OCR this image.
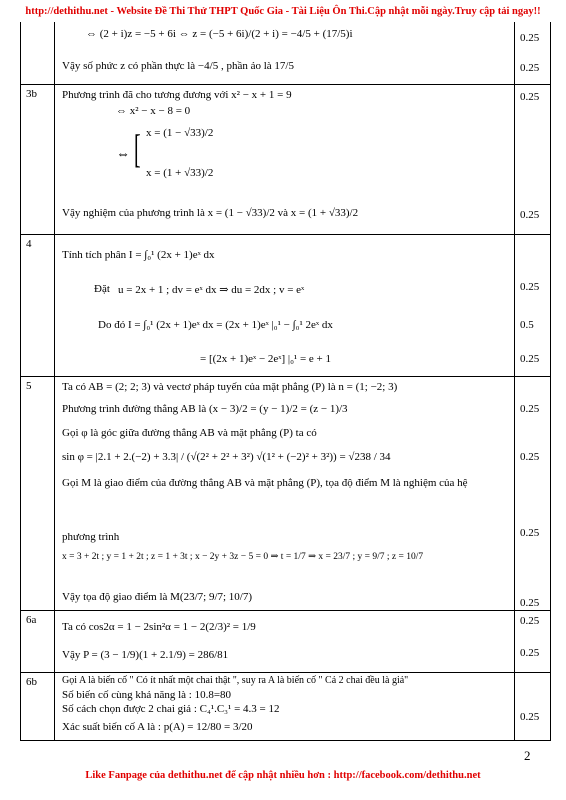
http://dethithu.net - Website Đề Thi Thử THPT Quốc Gia - Tài Liệu Ôn Thi.Cập nhật mỗi ngày.Truy cập tải ngay!!
⇔ (2 + i)z = −5 + 6i ⇔ z = (−5 + 6i)/(2 + i) = −4/5 + (17/5)i
Vậy số phức z có phần thực là −4/5 , phần ảo là 17/5
0.25
0.25
3b Phương trình đã cho tương đương với x² − x + 1 = 9
⇔ x² − x − 8 = 0
⇔ [ x = (1 − √33)/2
x = (1 + √33)/2
Vậy nghiệm của phương trình là x = (1 − √33)/2 và x = (1 + √33)/2
0.25
0.25
4
Tính tích phân I = ∫₀¹ (2x + 1)eˣ dx
Đặt u = 2x + 1 ; dv = eˣ dx ⇒ du = 2dx ; v = eˣ
Do đó I = ∫₀¹ (2x + 1)eˣ dx = (2x + 1)eˣ |₀¹ − ∫₀¹ 2eˣ dx
= [(2x + 1)eˣ − 2eˣ] |₀¹ = e + 1
0.25
0.5
0.25
5	Ta có AB = (2; 2; 3) và vectơ pháp tuyến của mặt phẳng (P) là n = (1; −2; 3)
Phương trình đường thẳng AB là (x − 3)/2 = (y − 1)/2 = (z − 1)/3
Gọi φ là góc giữa đường thẳng AB và mặt phẳng (P) ta có
sin φ = |2.1 + 2.(−2) + 3.3| / (√(2² + 2² + 3²) √(1² + (−2)² + 3²)) = √238 / 34
Gọi M là giao điểm của đường thẳng AB và mặt phẳng (P), tọa độ điểm M là nghiệm của hệ
phương trình
x = 3 + 2t ; y = 1 + 2t ; z = 1 + 3t ; x − 2y + 3z − 5 = 0 ⇒ t = 1/7 ⇒ x = 23/7 ; y = 9/7 ; z = 10/7
Vậy tọa độ giao điểm là M(23/7; 9/7; 10/7)
0.25
0.25
0.25
0.25
6a
Ta có cos2α = 1 − 2sin²α = 1 − 2(2/3)² = 1/9
Vậy P = (3 − 1/9)(1 + 2.1/9) = 286/81
0.25
0.25
6b	Gọi A là biến cố " Có ít nhất một chai thật ", suy ra A là biến cố " Cả 2 chai đều là giả"
Số biến cố cùng khả năng là : 10.8=80
Số cách chọn được 2 chai giả : C₄¹.C₃¹ = 4.3 = 12
Xác suất biến cố A là : p(A) = 12/80 = 3/20
0.25
2
Like Fanpage của dethithu.net để cập nhật nhiều hơn : http://facebook.com/dethithu.net
